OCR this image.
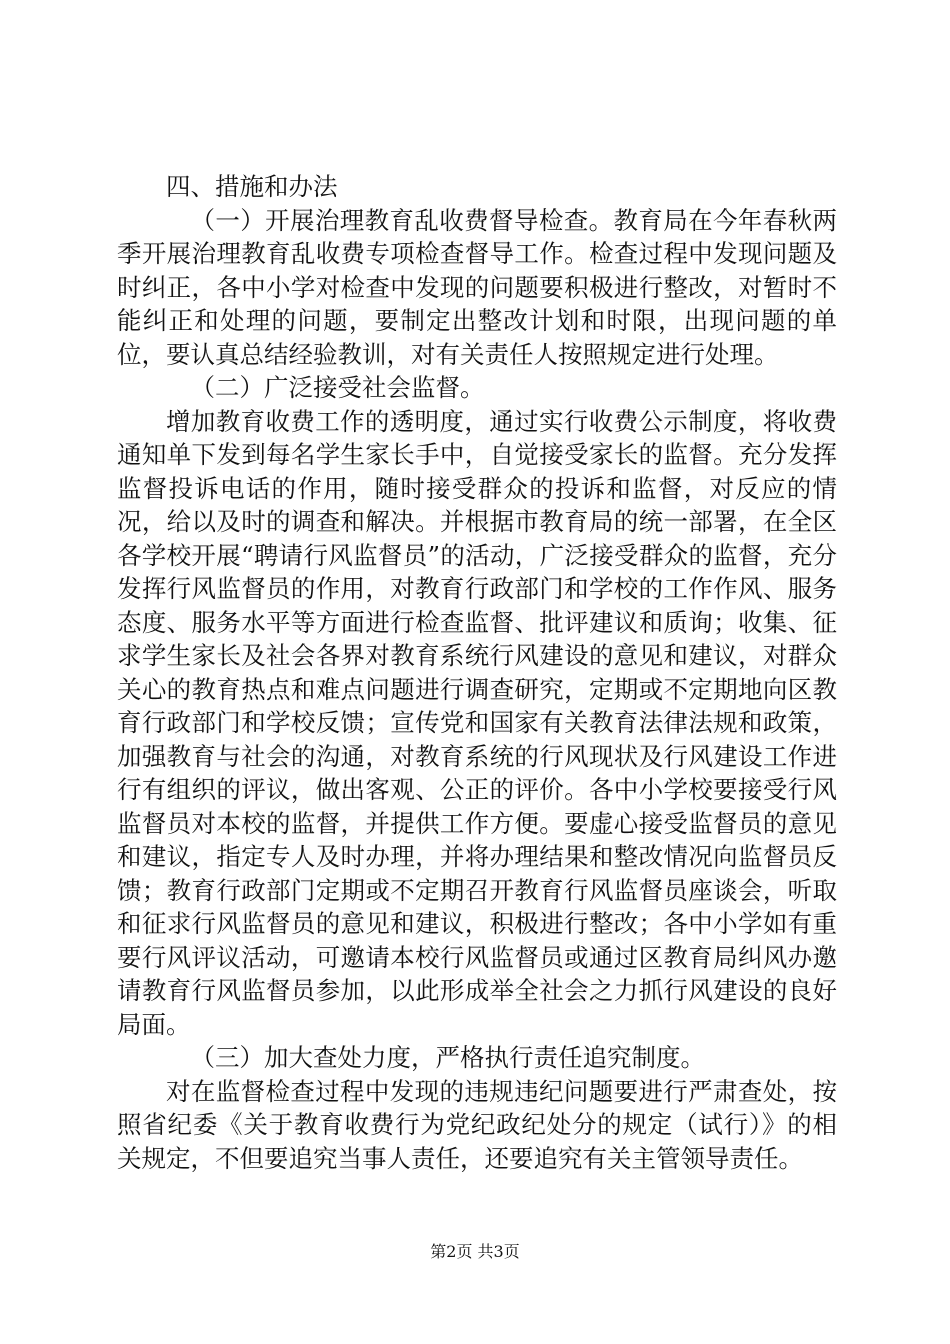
四、措施和办法

（一）开展治理教育乱收费督导检查。教育局在今年春秋两季开展治理教育乱收费专项检查督导工作。检查过程中发现问题及时纠正，各中小学对检查中发现的问题要积极进行整改，对暂时不能纠正和处理的问题，要制定出整改计划和时限，出现问题的单位，要认真总结经验教训，对有关责任人按照规定进行处理。

（二）广泛接受社会监督。

增加教育收费工作的透明度，通过实行收费公示制度，将收费通知单下发到每名学生家长手中，自觉接受家长的监督。充分发挥监督投诉电话的作用，随时接受群众的投诉和监督，对反应的情况，给以及时的调查和解决。并根据市教育局的统一部署，在全区各学校开展“聘请行风监督员”的活动，广泛接受群众的监督，充分发挥行风监督员的作用，对教育行政部门和学校的工作作风、服务态度、服务水平等方面进行检查监督、批评建议和质询；收集、征求学生家长及社会各界对教育系统行风建设的意见和建议，对群众关心的教育热点和难点问题进行调查研究，定期或不定期地向区教育行政部门和学校反馈；宣传党和国家有关教育法律法规和政策，加强教育与社会的沟通，对教育系统的行风现状及行风建设工作进行有组织的评议，做出客观、公正的评价。各中小学校要接受行风监督员对本校的监督，并提供工作方便。要虚心接受监督员的意见和建议，指定专人及时办理，并将办理结果和整改情况向监督员反馈；教育行政部门定期或不定期召开教育行风监督员座谈会，听取和征求行风监督员的意见和建议，积极进行整改；各中小学如有重要行风评议活动，可邀请本校行风监督员或通过区教育局纠风办邀请教育行风监督员参加，以此形成举全社会之力抓行风建设的良好局面。

（三）加大查处力度，严格执行责任追究制度。

对在监督检查过程中发现的违规违纪问题要进行严肃查处，按照省纪委《关于教育收费行为党纪政纪处分的规定（试行）》的相关规定，不但要追究当事人责任，还要追究有关主管领导责任。

第2页 共3页
